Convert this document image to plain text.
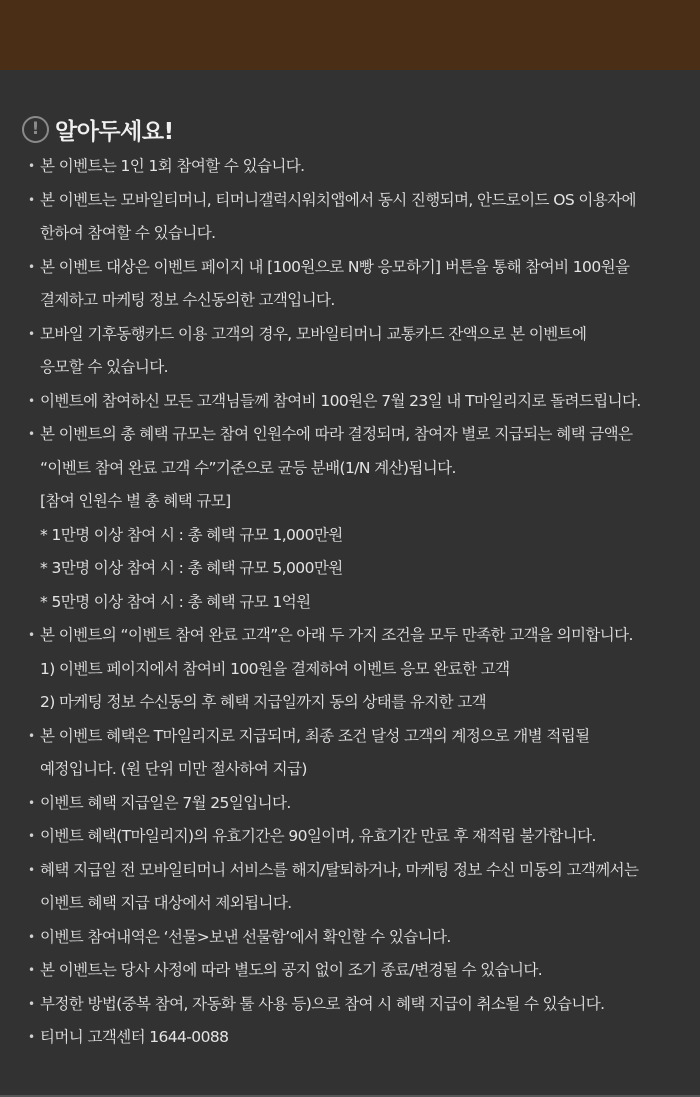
! 알아두세요!
• 본 이벤트는 1인 1회 참여할 수 있습니다.
• 본 이벤트는 모바일티머니, 티머니갤럭시워치앱에서 동시 진행되며, 안드로이드 OS 이용자에
한하여 참여할 수 있습니다.
• 본 이벤트 대상은 이벤트 페이지 내 [100원으로 N빵 응모하기] 버튼을 통해 참여비 100원을
결제하고 마케팅 정보 수신동의한 고객입니다.
• 모바일 기후동행카드 이용 고객의 경우, 모바일티머니 교통카드 잔액으로 본 이벤트에
응모할 수 있습니다.
• 이벤트에 참여하신 모든 고객님들께 참여비 100원은 7월 23일 내 T마일리지로 돌려드립니다.
• 본 이벤트의 총 혜택 규모는 참여 인원수에 따라 결정되며, 참여자 별로 지급되는 혜택 금액은
“이벤트 참여 완료 고객 수”기준으로 균등 분배(1/N 계산)됩니다.
[참여 인원수 별 총 혜택 규모]
* 1만명 이상 참여 시 : 총 혜택 규모 1,000만원
* 3만명 이상 참여 시 : 총 혜택 규모 5,000만원
* 5만명 이상 참여 시 : 총 혜택 규모 1억원
• 본 이벤트의 “이벤트 참여 완료 고객”은 아래 두 가지 조건을 모두 만족한 고객을 의미합니다.
1) 이벤트 페이지에서 참여비 100원을 결제하여 이벤트 응모 완료한 고객
2) 마케팅 정보 수신동의 후 혜택 지급일까지 동의 상태를 유지한 고객
• 본 이벤트 혜택은 T마일리지로 지급되며, 최종 조건 달성 고객의 계정으로 개별 적립될
예정입니다. (원 단위 미만 절사하여 지급)
• 이벤트 혜택 지급일은 7월 25일입니다.
• 이벤트 혜택(T마일리지)의 유효기간은 90일이며, 유효기간 만료 후 재적립 불가합니다.
• 혜택 지급일 전 모바일티머니 서비스를 해지/탈퇴하거나, 마케팅 정보 수신 미동의 고객께서는
이벤트 혜택 지급 대상에서 제외됩니다.
• 이벤트 참여내역은 ‘선물>보낸 선물함’에서 확인할 수 있습니다.
• 본 이벤트는 당사 사정에 따라 별도의 공지 없이 조기 종료/변경될 수 있습니다.
• 부정한 방법(중복 참여, 자동화 툴 사용 등)으로 참여 시 혜택 지급이 취소될 수 있습니다.
• 티머니 고객센터 1644-0088
